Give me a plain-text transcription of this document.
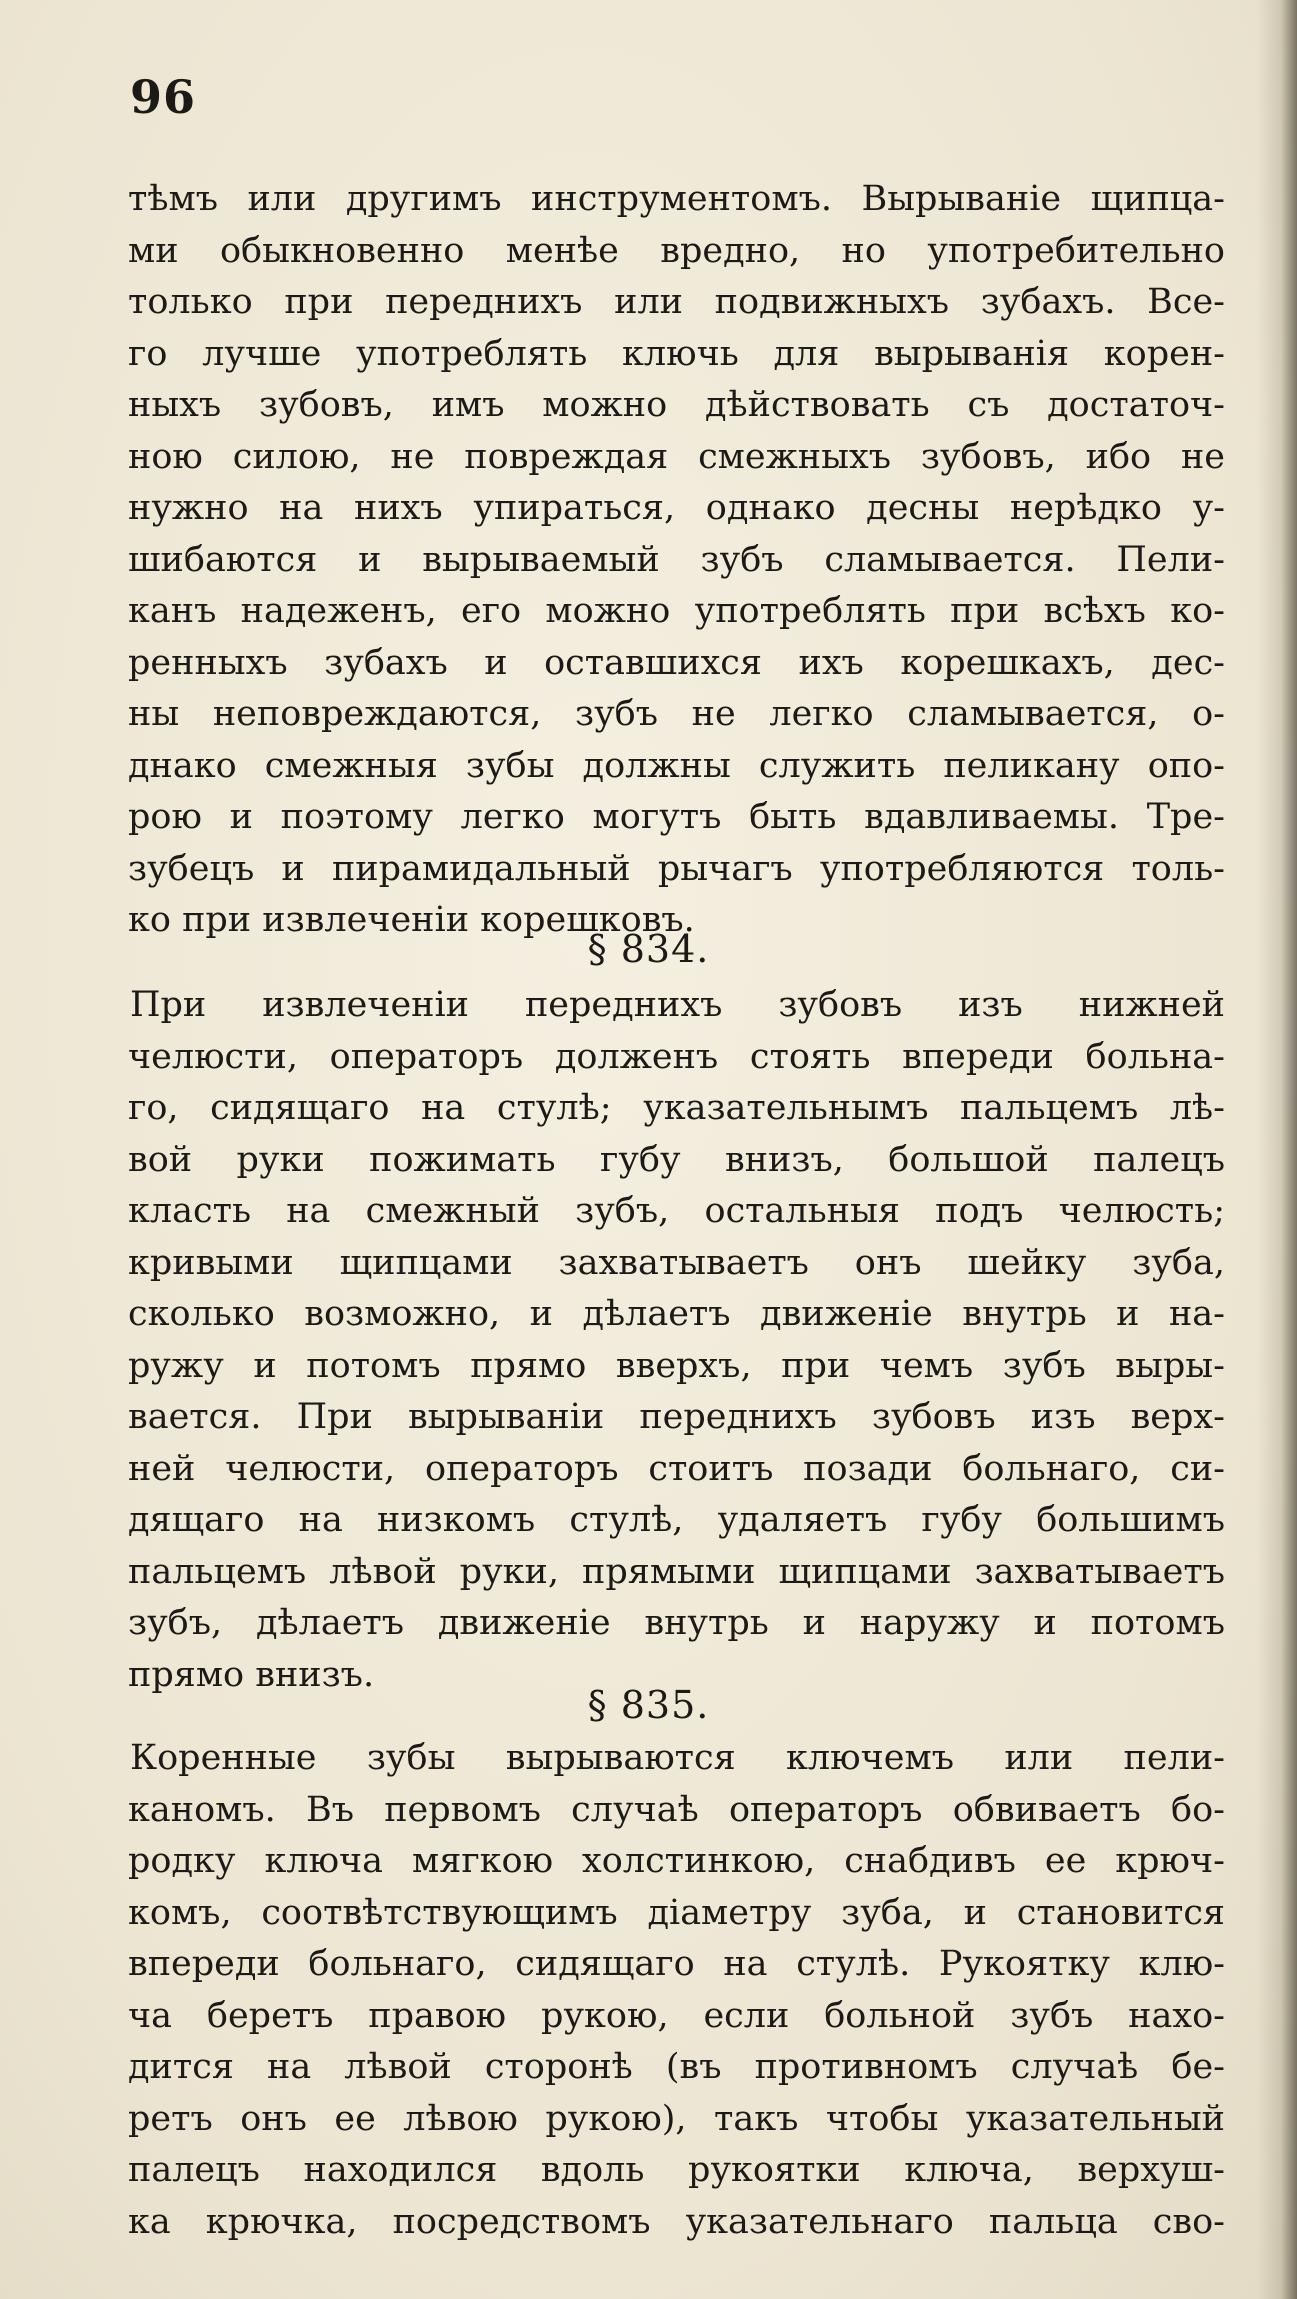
96
тѣмъ или другимъ инструментомъ. Вырываніе щипца-
ми обыкновенно менѣе вредно, но употребительно
только при переднихъ или подвижныхъ зубахъ. Все-
го лучше употреблять ключь для вырыванія корен-
ныхъ зубовъ, имъ можно дѣйствовать съ достаточ-
ною силою, не повреждая смежныхъ зубовъ, ибо не
нужно на нихъ упираться, однако десны нерѣдко у-
шибаются и вырываемый зубъ сламывается. Пели-
канъ надеженъ, его можно употреблять при всѣхъ ко-
ренныхъ зубахъ и оставшихся ихъ корешкахъ, дес-
ны неповреждаются, зубъ не легко сламывается, о-
днако смежныя зубы должны служить пеликану опо-
рою и поэтому легко могутъ быть вдавливаемы. Тре-
зубецъ и пирамидальный рычагъ употребляются толь-
ко при извлеченіи корешковъ.
§ 834.
При извлеченіи переднихъ зубовъ изъ нижней
челюсти, операторъ долженъ стоять впереди больна-
го, сидящаго на стулѣ; указательнымъ пальцемъ лѣ-
вой руки пожимать губу внизъ, большой палецъ
класть на смежный зубъ, остальныя подъ челюсть;
кривыми щипцами захватываетъ онъ шейку зуба,
сколько возможно, и дѣлаетъ движеніе внутрь и на-
ружу и потомъ прямо вверхъ, при чемъ зубъ выры-
вается. При вырываніи переднихъ зубовъ изъ верх-
ней челюсти, операторъ стоитъ позади больнаго, си-
дящаго на низкомъ стулѣ, удаляетъ губу большимъ
пальцемъ лѣвой руки, прямыми щипцами захватываетъ
зубъ, дѣлаетъ движеніе внутрь и наружу и потомъ
прямо внизъ.
§ 835.
Коренные зубы вырываются ключемъ или пели-
каномъ. Въ первомъ случаѣ операторъ обвиваетъ бо-
родку ключа мягкою холстинкою, снабдивъ ее крюч-
комъ, соотвѣтствующимъ діаметру зуба, и становится
впереди больнаго, сидящаго на стулѣ. Рукоятку клю-
ча беретъ правою рукою, если больной зубъ нахо-
дится на лѣвой сторонѣ (въ противномъ случаѣ бе-
ретъ онъ ее лѣвою рукою), такъ чтобы указательный
палецъ находился вдоль рукоятки ключа, верхуш-
ка крючка, посредствомъ указательнаго пальца сво-
